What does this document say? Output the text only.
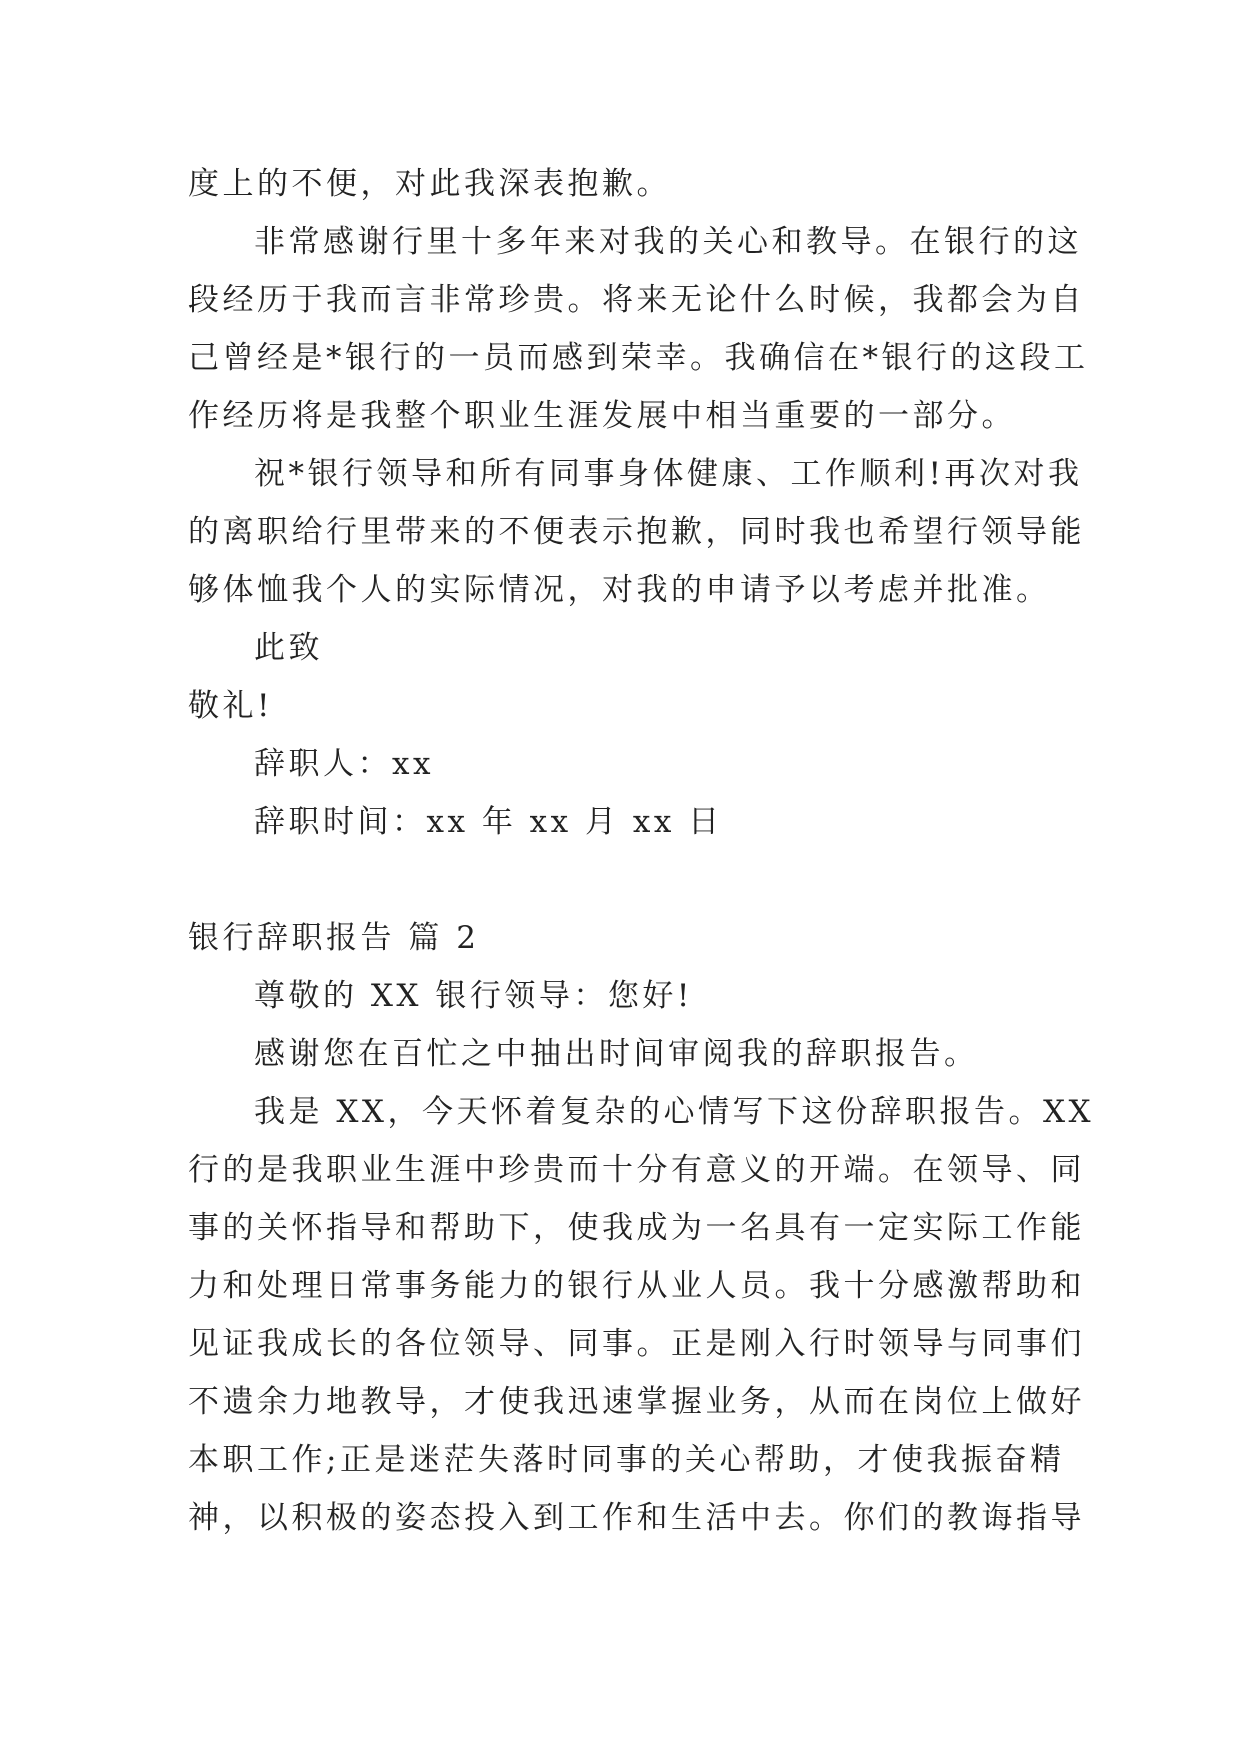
度上的不便，对此我深表抱歉。
非常感谢行里十多年来对我的关心和教导。在银行的这
段经历于我而言非常珍贵。将来无论什么时候，我都会为自
己曾经是*银行的一员而感到荣幸。我确信在*银行的这段工
作经历将是我整个职业生涯发展中相当重要的一部分。
祝*银行领导和所有同事身体健康、工作顺利!再次对我
的离职给行里带来的不便表示抱歉，同时我也希望行领导能
够体恤我个人的实际情况，对我的申请予以考虑并批准。
此致
敬礼!
辞职人：xx
辞职时间：xx 年 xx 月 xx 日
银行辞职报告 篇 2
尊敬的 XX 银行领导：您好!
感谢您在百忙之中抽出时间审阅我的辞职报告。
我是 XX，今天怀着复杂的心情写下这份辞职报告。XX
行的是我职业生涯中珍贵而十分有意义的开端。在领导、同
事的关怀指导和帮助下，使我成为一名具有一定实际工作能
力和处理日常事务能力的银行从业人员。我十分感激帮助和
见证我成长的各位领导、同事。正是刚入行时领导与同事们
不遗余力地教导，才使我迅速掌握业务，从而在岗位上做好
本职工作;正是迷茫失落时同事的关心帮助，才使我振奋精
神，以积极的姿态投入到工作和生活中去。你们的教诲指导
